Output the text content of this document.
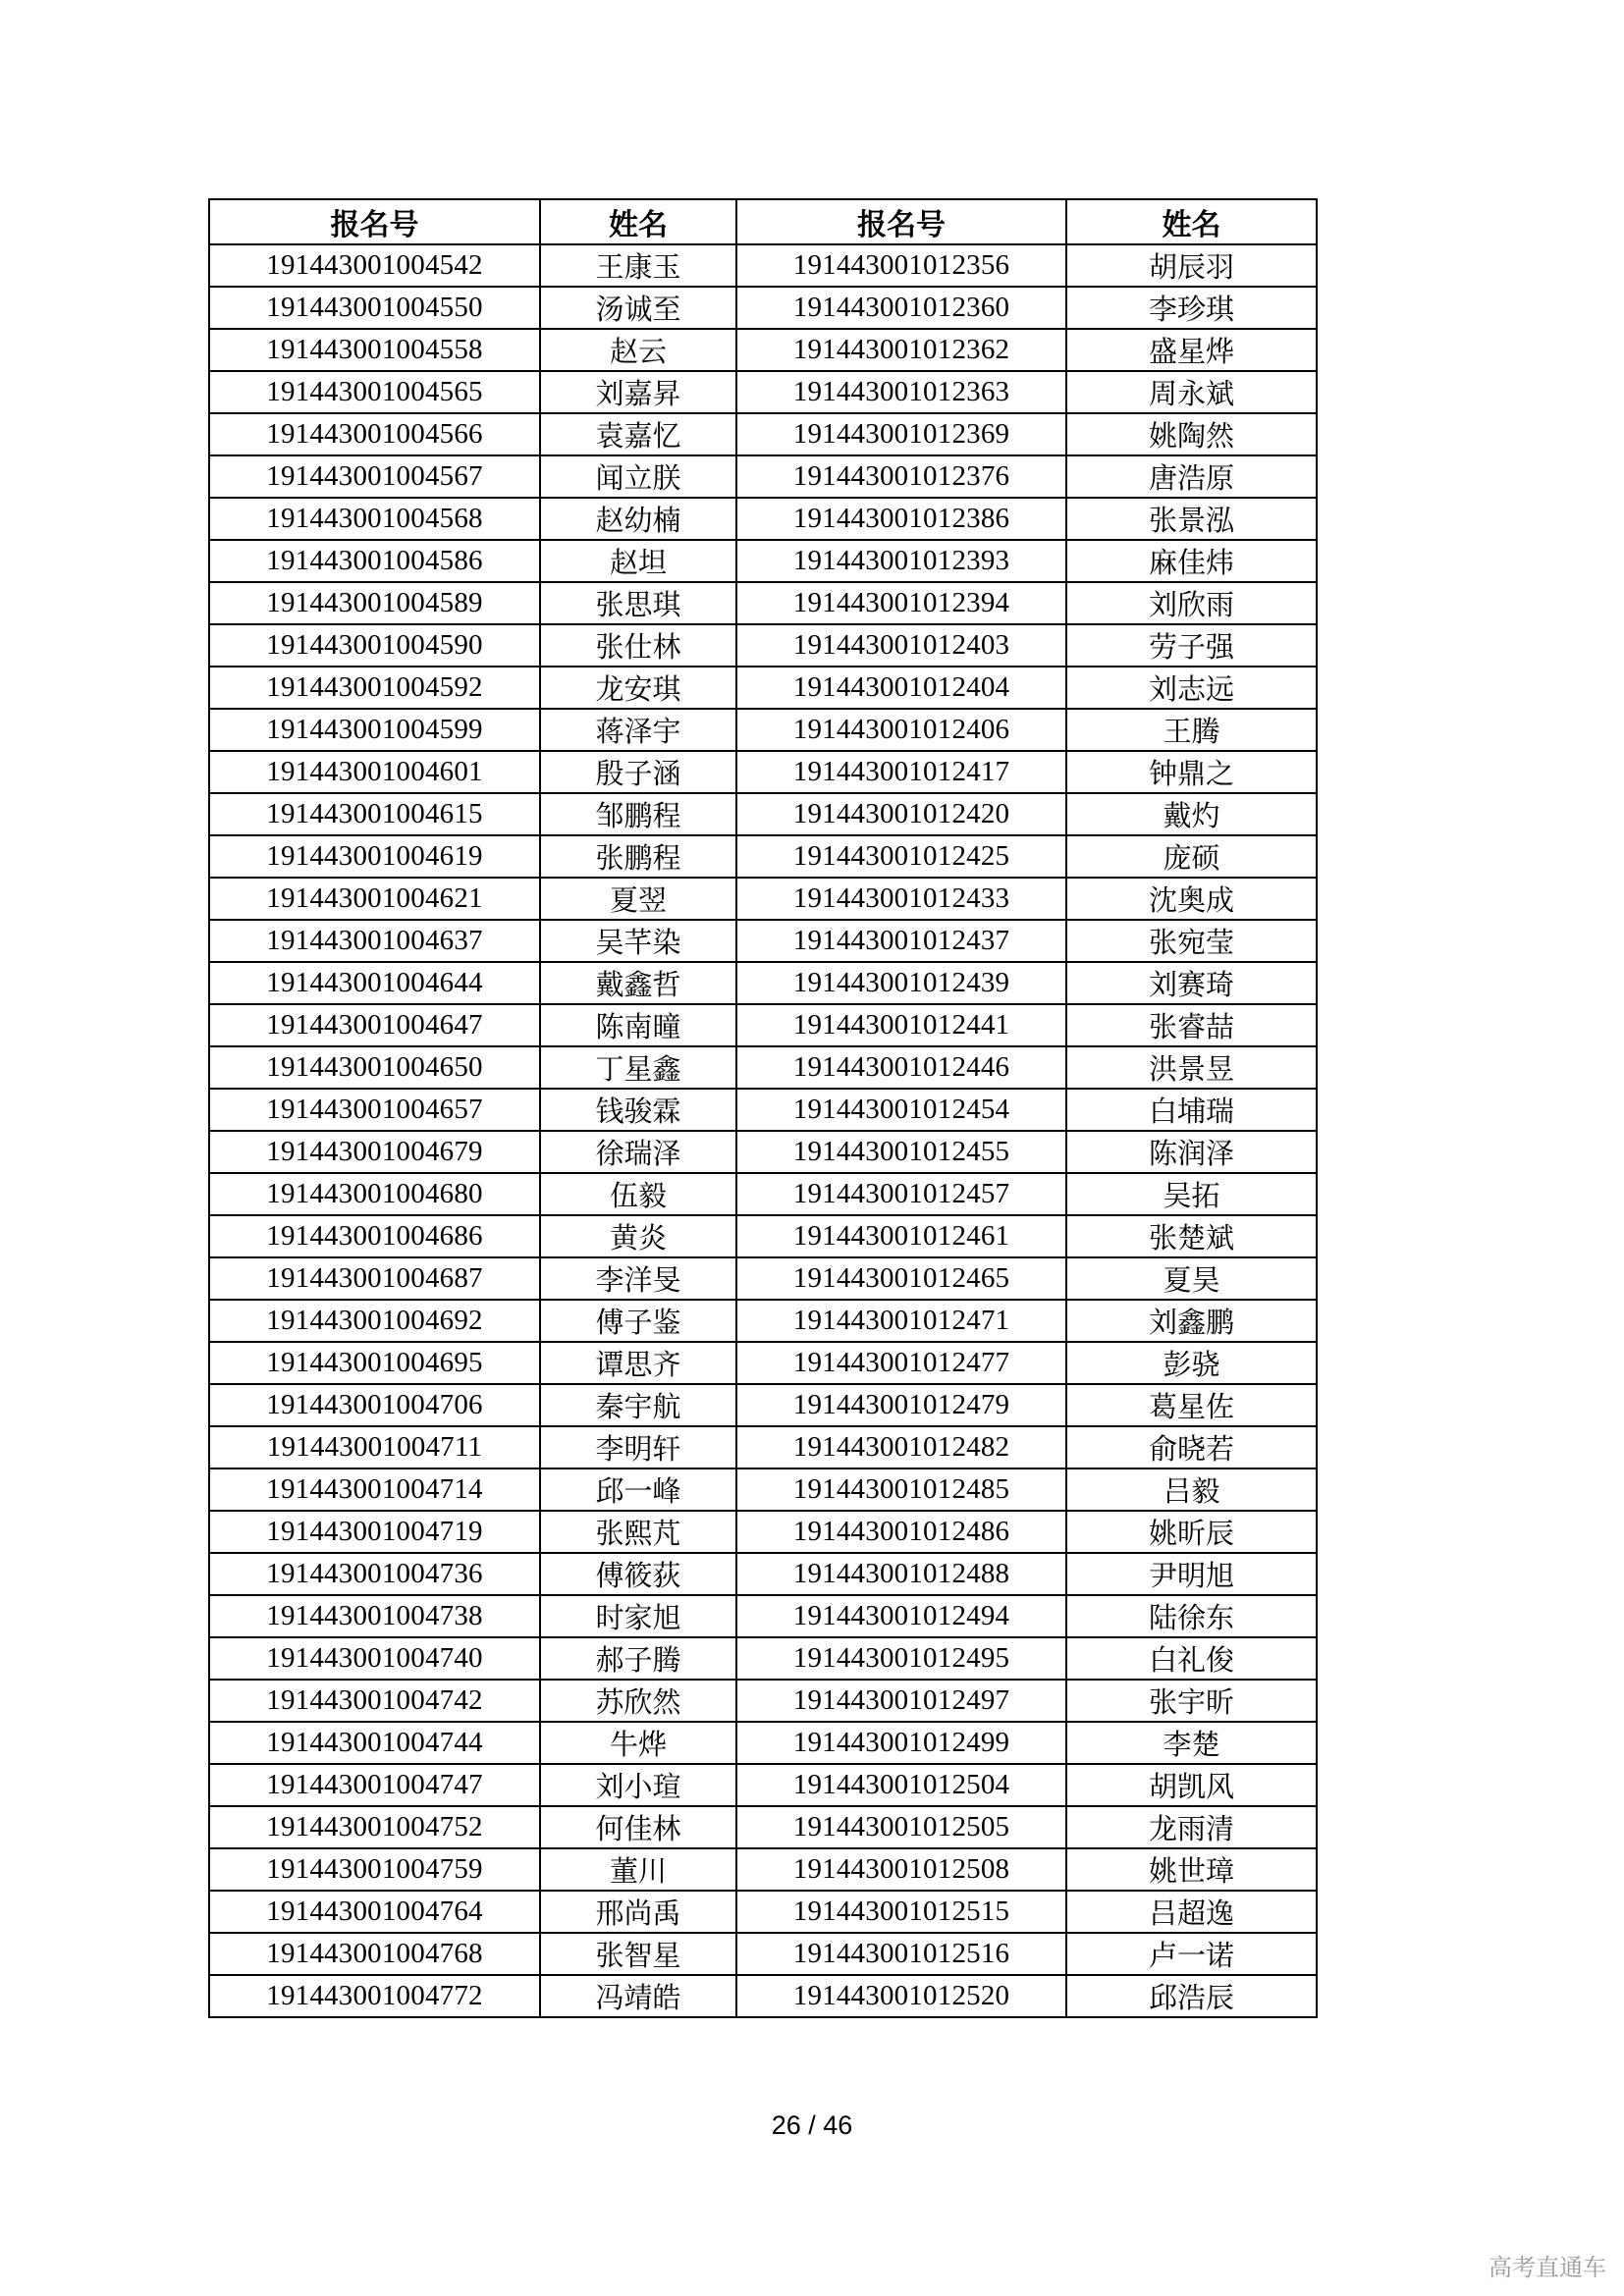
报名号	姓名	报名号	姓名
191443001004542	王康玉	191443001012356	胡辰羽
191443001004550	汤诚至	191443001012360	李珍琪
191443001004558	赵云	191443001012362	盛星烨
191443001004565	刘嘉昇	191443001012363	周永斌
191443001004566	袁嘉忆	191443001012369	姚陶然
191443001004567	闻立朕	191443001012376	唐浩原
191443001004568	赵幼楠	191443001012386	张景泓
191443001004586	赵坦	191443001012393	麻佳炜
191443001004589	张思琪	191443001012394	刘欣雨
191443001004590	张仕林	191443001012403	劳子强
191443001004592	龙安琪	191443001012404	刘志远
191443001004599	蒋泽宇	191443001012406	王腾
191443001004601	殷子涵	191443001012417	钟鼎之
191443001004615	邹鹏程	191443001012420	戴灼
191443001004619	张鹏程	191443001012425	庞硕
191443001004621	夏翌	191443001012433	沈奥成
191443001004637	吴芊染	191443001012437	张宛莹
191443001004644	戴鑫哲	191443001012439	刘赛琦
191443001004647	陈南曈	191443001012441	张睿喆
191443001004650	丁星鑫	191443001012446	洪景昱
191443001004657	钱骏霖	191443001012454	白埔瑞
191443001004679	徐瑞泽	191443001012455	陈润泽
191443001004680	伍毅	191443001012457	吴拓
191443001004686	黄炎	191443001012461	张楚斌
191443001004687	李洋旻	191443001012465	夏昊
191443001004692	傅子鉴	191443001012471	刘鑫鹏
191443001004695	谭思齐	191443001012477	彭骁
191443001004706	秦宇航	191443001012479	葛星佐
191443001004711	李明轩	191443001012482	俞晓若
191443001004714	邱一峰	191443001012485	吕毅
191443001004719	张熙芃	191443001012486	姚昕辰
191443001004736	傅筱荻	191443001012488	尹明旭
191443001004738	时家旭	191443001012494	陆徐东
191443001004740	郝子腾	191443001012495	白礼俊
191443001004742	苏欣然	191443001012497	张宇昕
191443001004744	牛烨	191443001012499	李楚
191443001004747	刘小瑄	191443001012504	胡凯风
191443001004752	何佳林	191443001012505	龙雨清
191443001004759	董川	191443001012508	姚世璋
191443001004764	邢尚禹	191443001012515	吕超逸
191443001004768	张智星	191443001012516	卢一诺
191443001004772	冯靖皓	191443001012520	邱浩辰
26 / 46
高考直通车
